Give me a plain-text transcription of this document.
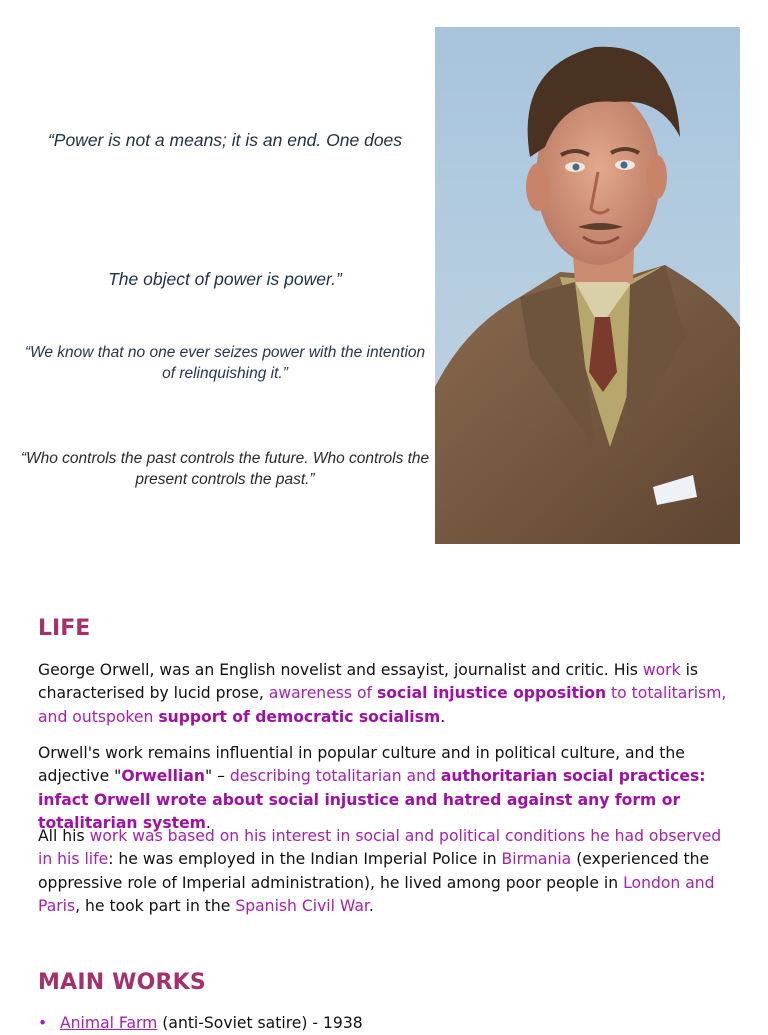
“Power is not a means; it is an end. One does

The object of power is power.”

“We know that no one ever seizes power with the intention of relinquishing it.”

“Who controls the past controls the future. Who controls the present controls the past.”

LIFE

George Orwell, was an English novelist and essayist, journalist and critic. His work is characterised by lucid prose, awareness of social injustice opposition to totalitarism, and outspoken support of democratic socialism.

Orwell's work remains influential in popular culture and in political culture, and the adjective "Orwellian" – describing totalitarian and authoritarian social practices: infact Orwell wrote about social injustice and hatred against any form or totalitarian system.

All his work was based on his interest in social and political conditions he had observed in his life: he was employed in the Indian Imperial Police in Birmania (experienced the oppressive role of Imperial administration), he lived among poor people in London and Paris, he took part in the Spanish Civil War.

MAIN WORKS
• Animal Farm (anti-Soviet satire) - 1938
